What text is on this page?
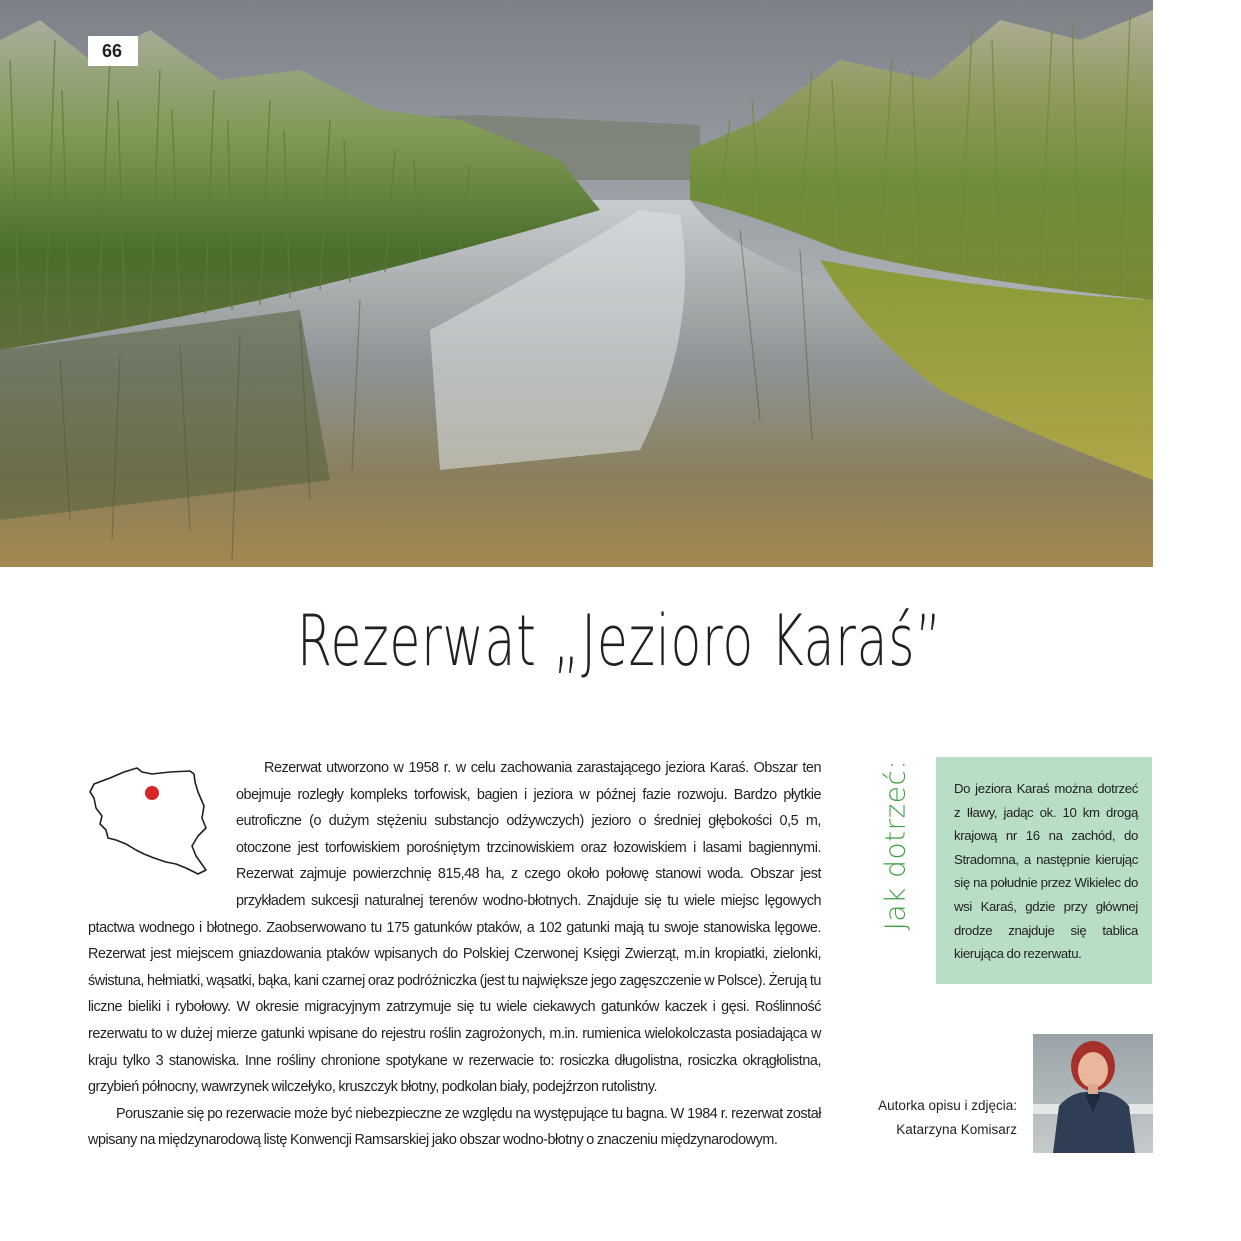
66
Rezerwat „Jezioro Karaś”

Rezerwat utworzono w 1958 r. w celu zachowania zarastającego jeziora Karaś. Obszar ten obejmuje rozległy kompleks torfowisk, bagien i jeziora w późnej fazie rozwoju. Bardzo płytkie eutroficzne (o dużym stężeniu substancjo odżywczych) jezioro o średniej głębokości 0,5 m, otoczone jest torfowiskiem porośniętym trzcinowiskiem oraz łozowiskiem i lasami bagiennymi. Rezerwat zajmuje powierzchnię 815,48 ha, z czego około połowę stanowi woda. Obszar jest przykładem sukcesji naturalnej terenów wodno-błotnych. Znajduje się tu wiele miejsc lęgowych ptactwa wodnego i błotnego. Zaobserwowano tu 175 gatunków ptaków, a 102 gatunki mają tu swoje stanowiska lęgowe. Rezerwat jest miejscem gniazdowania ptaków wpisanych do Polskiej Czerwonej Księgi Zwierząt, m.in kropiatki, zielonki, świstuna, hełmiatki, wąsatki, bąka, kani czarnej oraz podróżniczka (jest tu największe jego zagęszczenie w Polsce). Żerują tu liczne bieliki i rybołowy. W okresie migracyjnym zatrzymuje się tu wiele ciekawych gatunków kaczek i gęsi. Roślinność rezerwatu to w dużej mierze gatunki wpisane do rejestru roślin zagrożonych, m.in. rumienica wielokolczasta posiadająca w kraju tylko 3 stanowiska. Inne rośliny chronione spotykane w rezerwacie to: rosiczka długolistna, rosiczka okrągłolistna, grzybień północny, wawrzynek wilczełyko, kruszczyk błotny, podkolan biały, podejźrzon rutolistny.

Poruszanie się po rezerwacie może być niebezpieczne ze względu na występujące tu bagna. W 1984 r. rezerwat został wpisany na międzynarodową listę Konwencji Ramsarskiej jako obszar wodno-błotny o znaczeniu międzynarodowym.

Jak dotrzeć:	Do jeziora Karaś można dotrzeć z Iławy, jadąc ok. 10 km drogą krajową nr 16 na zachód, do Stradomna, a następnie kierując się na południe przez Wikielec do wsi Karaś, gdzie przy głównej drodze znajduje się tablica kierująca do rezerwatu.
Autorka opisu i zdjęcia:
Katarzyna Komisarz
